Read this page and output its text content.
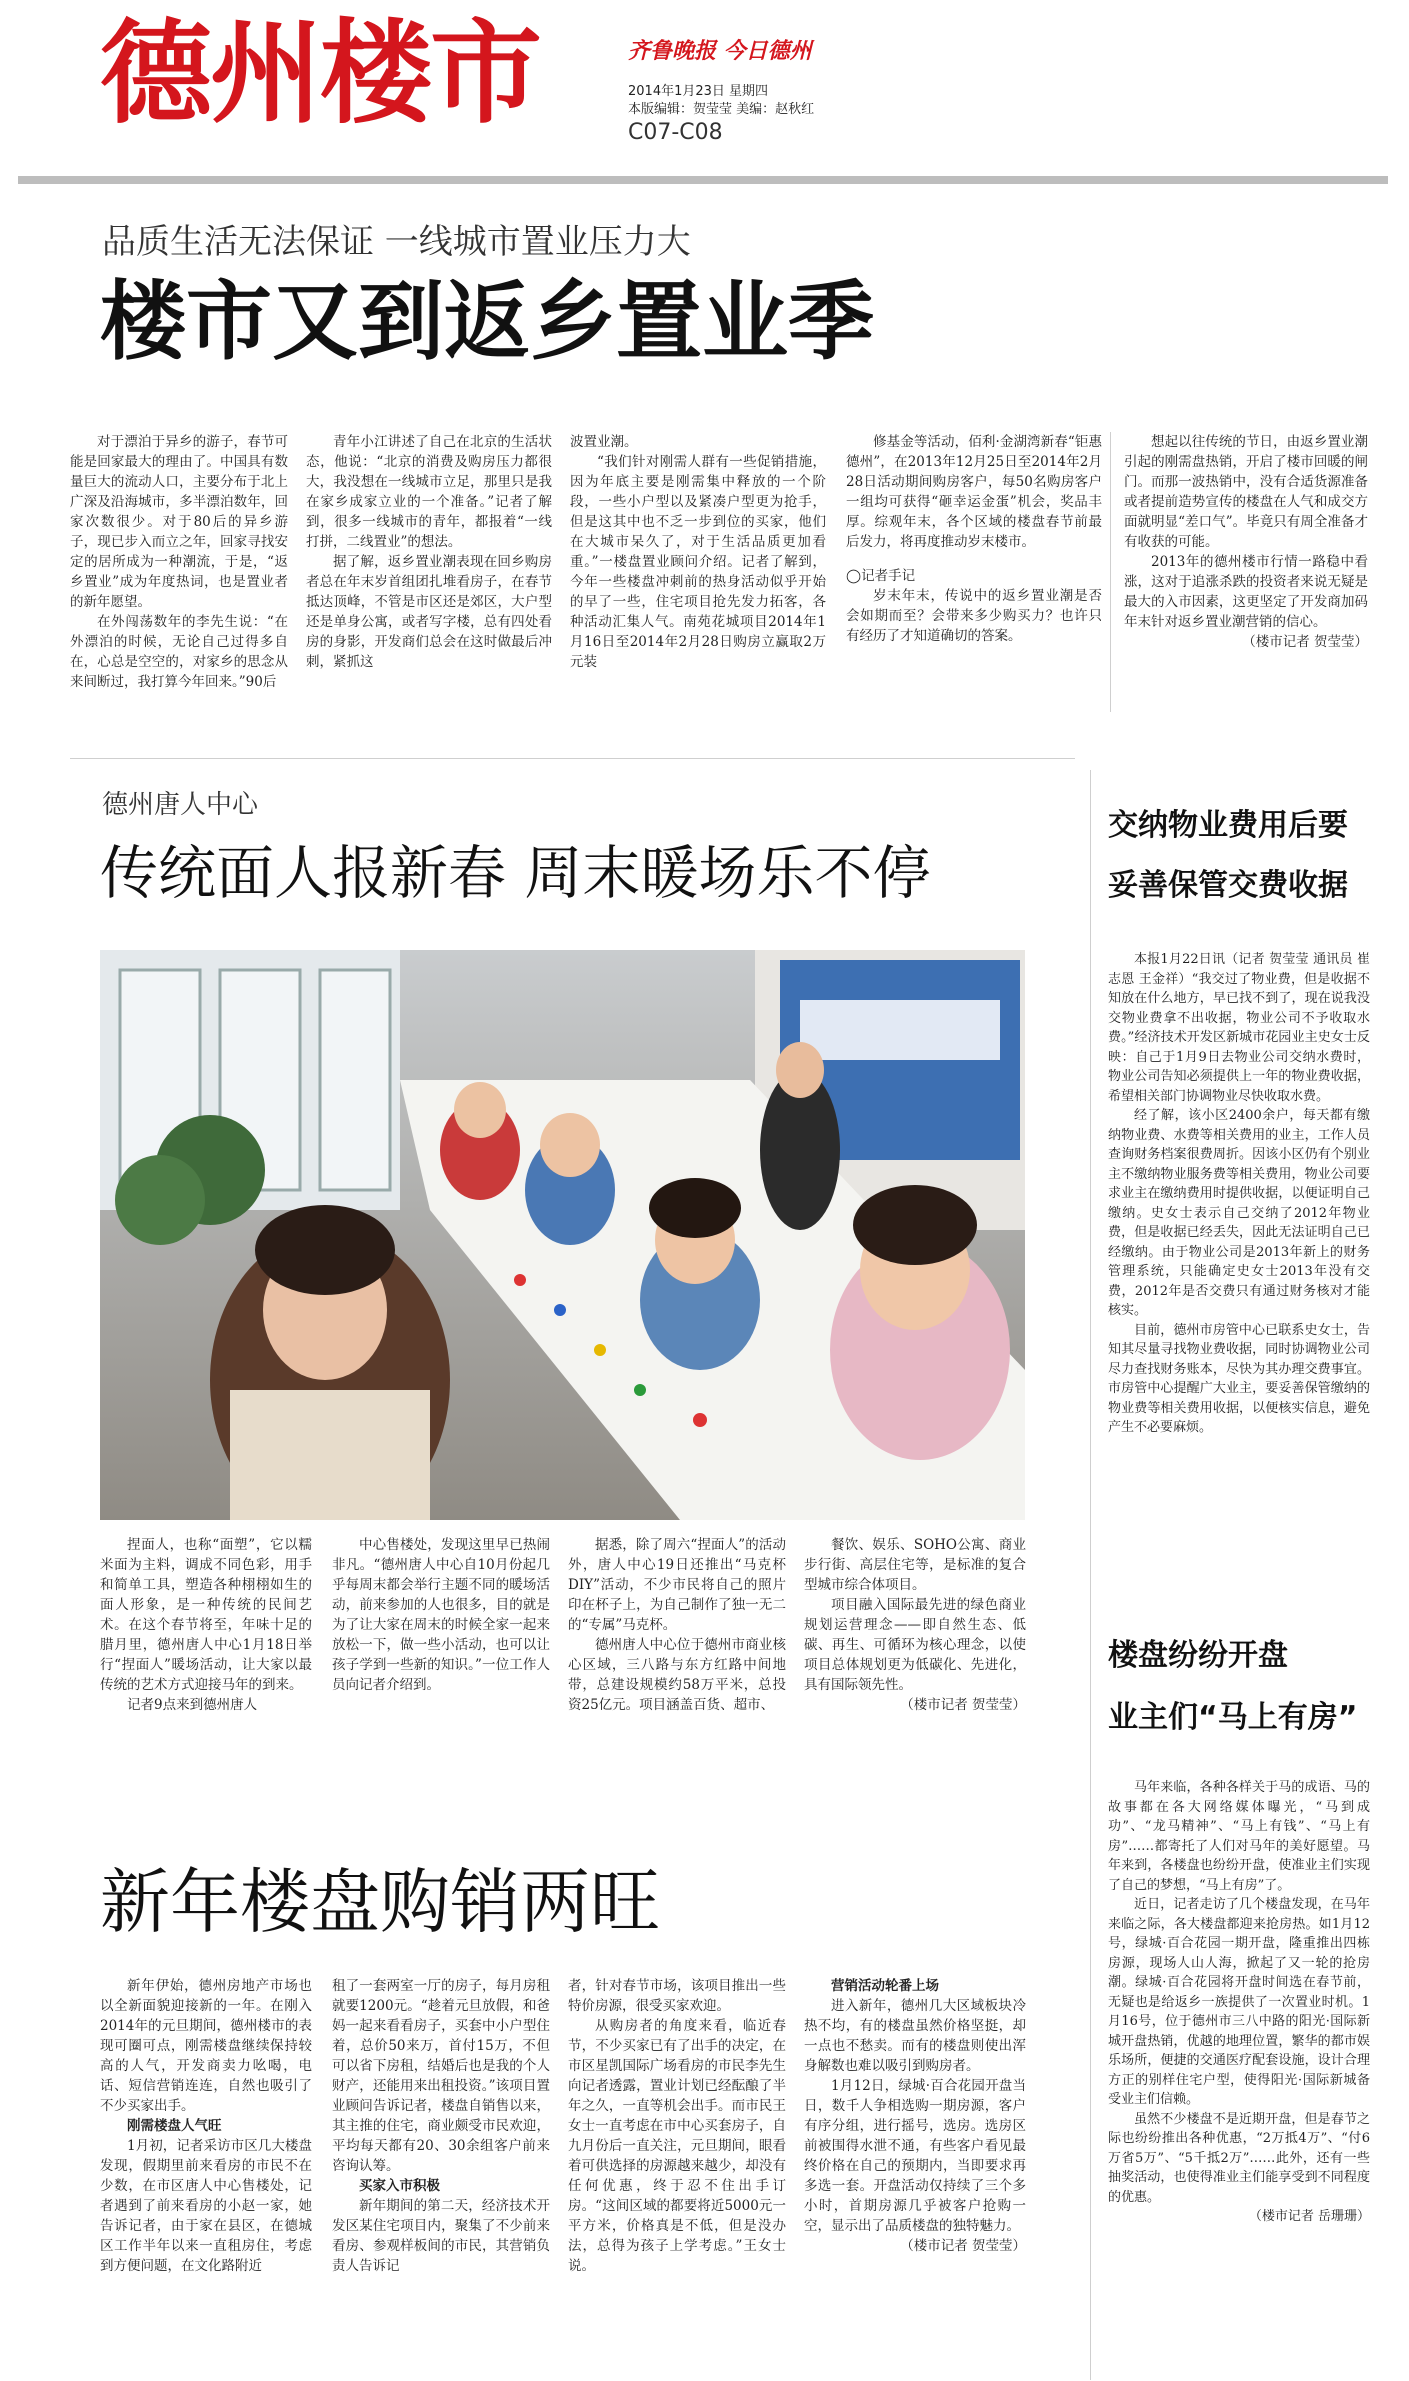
德州楼市	齐鲁晚报 今日德州
2014年1月23日 星期四
本版编辑：贺莹莹 美编：赵秋红
C07-C08
品质生活无法保证 一线城市置业压力大
楼市又到返乡置业季

对于漂泊于异乡的游子，春节可能是回家最大的理由了。中国具有数量巨大的流动人口，主要分布于北上广深及沿海城市，多半漂泊数年，回家次数很少。对于80后的异乡游子，现已步入而立之年，回家寻找安定的居所成为一种潮流，于是，“返乡置业”成为年度热词，也是置业者的新年愿望。

在外闯荡数年的李先生说：“在外漂泊的时候，无论自己过得多自在，心总是空空的，对家乡的思念从来间断过，我打算今年回来。”90后

青年小江讲述了自己在北京的生活状态，他说：“北京的消费及购房压力都很大，我没想在一线城市立足，那里只是我在家乡成家立业的一个准备。”记者了解到，很多一线城市的青年，都报着“一线打拼，二线置业”的想法。

据了解，返乡置业潮表现在回乡购房者总在年末岁首组团扎堆看房子，在春节抵达顶峰，不管是市区还是郊区，大户型还是单身公寓，或者写字楼，总有四处看房的身影，开发商们总会在这时做最后冲刺，紧抓这

波置业潮。

“我们针对刚需人群有一些促销措施，因为年底主要是刚需集中释放的一个阶段，一些小户型以及紧凑户型更为抢手，但是这其中也不乏一步到位的买家，他们在大城市呆久了，对于生活品质更加看重。”一楼盘置业顾问介绍。记者了解到，今年一些楼盘冲刺前的热身活动似乎开始的早了一些，住宅项目抢先发力拓客，各种活动汇集人气。南苑花城项目2014年1月16日至2014年2月28日购房立赢取2万元装

修基金等活动，佰利·金湖湾新春“钜惠德州”，在2013年12月25日至2014年2月28日活动期间购房客户，每50名购房客户一组均可获得“砸幸运金蛋”机会，奖品丰厚。综观年末，各个区域的楼盘春节前最后发力，将再度推动岁末楼市。

◯记者手记

岁末年末，传说中的返乡置业潮是否会如期而至？会带来多少购买力？也许只有经历了才知道确切的答案。

想起以往传统的节日，由返乡置业潮引起的刚需盘热销，开启了楼市回暖的闸门。而那一波热销中，没有合适货源准备或者提前造势宣传的楼盘在人气和成交方面就明显“差口气”。毕竟只有周全准备才有收获的可能。

2013年的德州楼市行情一路稳中看涨，这对于追涨杀跌的投资者来说无疑是最大的入市因素，这更坚定了开发商加码年末针对返乡置业潮营销的信心。

（楼市记者 贺莹莹）

德州唐人中心
传统面人报新春 周末暖场乐不停

捏面人，也称“面塑”，它以糯米面为主料，调成不同色彩，用手和简单工具，塑造各种栩栩如生的面人形象，是一种传统的民间艺术。在这个春节将至，年味十足的腊月里，德州唐人中心1月18日举行“捏面人”暖场活动，让大家以最传统的艺术方式迎接马年的到来。

记者9点来到德州唐人

中心售楼处，发现这里早已热闹非凡。“德州唐人中心自10月份起几乎每周末都会举行主题不同的暖场活动，前来参加的人也很多，目的就是为了让大家在周末的时候全家一起来放松一下，做一些小活动，也可以让孩子学到一些新的知识。”一位工作人员向记者介绍到。

据悉，除了周六“捏面人”的活动外，唐人中心19日还推出“马克杯DIY”活动，不少市民将自己的照片印在杯子上，为自己制作了独一无二的“专属”马克杯。

德州唐人中心位于德州市商业核心区域，三八路与东方红路中间地带，总建设规模约58万平米，总投资25亿元。项目涵盖百货、超市、

餐饮、娱乐、SOHO公寓、商业步行街、高层住宅等，是标准的复合型城市综合体项目。

项目融入国际最先进的绿色商业规划运营理念——即自然生态、低碳、再生、可循环为核心理念，以使项目总体规划更为低碳化、先进化，具有国际领先性。

（楼市记者 贺莹莹）

新年楼盘购销两旺

新年伊始，德州房地产市场也以全新面貌迎接新的一年。在刚入2014年的元旦期间，德州楼市的表现可圈可点，刚需楼盘继续保持较高的人气，开发商卖力吆喝，电话、短信营销连连，自然也吸引了不少买家出手。

刚需楼盘人气旺

1月初，记者采访市区几大楼盘发现，假期里前来看房的市民不在少数，在市区唐人中心售楼处，记者遇到了前来看房的小赵一家，她告诉记者，由于家在县区，在德城区工作半年以来一直租房住，考虑到方便问题，在文化路附近

租了一套两室一厅的房子，每月房租就要1200元。“趁着元旦放假，和爸妈一起来看看房子，买套中小户型住着，总价50来万，首付15万，不但可以省下房租，结婚后也是我的个人财产，还能用来出租投资。”该项目置业顾问告诉记者，楼盘自销售以来，其主推的住宅，商业颇受市民欢迎，平均每天都有20、30余组客户前来咨询认筹。

买家入市积极

新年期间的第二天，经济技术开发区某住宅项目内，聚集了不少前来看房、参观样板间的市民，其营销负责人告诉记

者，针对春节市场，该项目推出一些特价房源，很受买家欢迎。

从购房者的角度来看，临近春节，不少买家已有了出手的决定，在市区星凯国际广场看房的市民李先生向记者透露，置业计划已经酝酿了半年之久，一直等机会出手。而市民王女士一直考虑在市中心买套房子，自九月份后一直关注，元旦期间，眼看着可供选择的房源越来越少，却没有任何优惠，终于忍不住出手订房。“这间区域的都要将近5000元一平方米，价格真是不低，但是没办法，总得为孩子上学考虑。”王女士说。

营销活动轮番上场

进入新年，德州几大区域板块冷热不均，有的楼盘虽然价格坚挺，却一点也不愁卖。而有的楼盘则使出浑身解数也难以吸引到购房者。

1月12日，绿城·百合花园开盘当日，数千人争相选购一期房源，客户有序分组，进行摇号，选房。选房区前被围得水泄不通，有些客户看见最终价格在自己的预期内，当即要求再多选一套。开盘活动仅持续了三个多小时，首期房源几乎被客户抢购一空，显示出了品质楼盘的独特魅力。

（楼市记者 贺莹莹）

交纳物业费用后要
妥善保管交费收据

本报1月22日讯（记者 贺莹莹 通讯员 崔志恩 王金祥）“我交过了物业费，但是收据不知放在什么地方，早已找不到了，现在说我没交物业费拿不出收据，物业公司不予收取水费。”经济技术开发区新城市花园业主史女士反映：自己于1月9日去物业公司交纳水费时，物业公司告知必须提供上一年的物业费收据，希望相关部门协调物业尽快收取水费。

经了解，该小区2400余户，每天都有缴纳物业费、水费等相关费用的业主，工作人员查询财务档案很费周折。因该小区仍有个别业主不缴纳物业服务费等相关费用，物业公司要求业主在缴纳费用时提供收据，以便证明自己缴纳。史女士表示自己交纳了2012年物业费，但是收据已经丢失，因此无法证明自己已经缴纳。由于物业公司是2013年新上的财务管理系统，只能确定史女士2013年没有交费，2012年是否交费只有通过财务核对才能核实。

目前，德州市房管中心已联系史女士，告知其尽量寻找物业费收据，同时协调物业公司尽力查找财务账本，尽快为其办理交费事宜。市房管中心提醒广大业主，要妥善保管缴纳的物业费等相关费用收据，以便核实信息，避免产生不必要麻烦。

楼盘纷纷开盘
业主们“马上有房”

马年来临，各种各样关于马的成语、马的故事都在各大网络媒体曝光，“马到成功”、“龙马精神”、“马上有钱”、“马上有房”……都寄托了人们对马年的美好愿望。马年来到，各楼盘也纷纷开盘，使准业主们实现了自己的梦想，“马上有房”了。

近日，记者走访了几个楼盘发现，在马年来临之际，各大楼盘都迎来抢房热。如1月12号，绿城·百合花园一期开盘，隆重推出四栋房源，现场人山人海，掀起了又一轮的抢房潮。绿城·百合花园将开盘时间选在春节前，无疑也是给返乡一族提供了一次置业时机。1月16号，位于德州市三八中路的阳光·国际新城开盘热销，优越的地理位置，繁华的都市娱乐场所，便捷的交通医疗配套设施，设计合理方正的别样住宅户型，使得阳光·国际新城备受业主们信赖。

虽然不少楼盘不是近期开盘，但是春节之际也纷纷推出各种优惠，“2万抵4万”、“付6万省5万”、“5千抵2万”……此外，还有一些抽奖活动，也使得准业主们能享受到不同程度的优惠。

（楼市记者 岳珊珊）
